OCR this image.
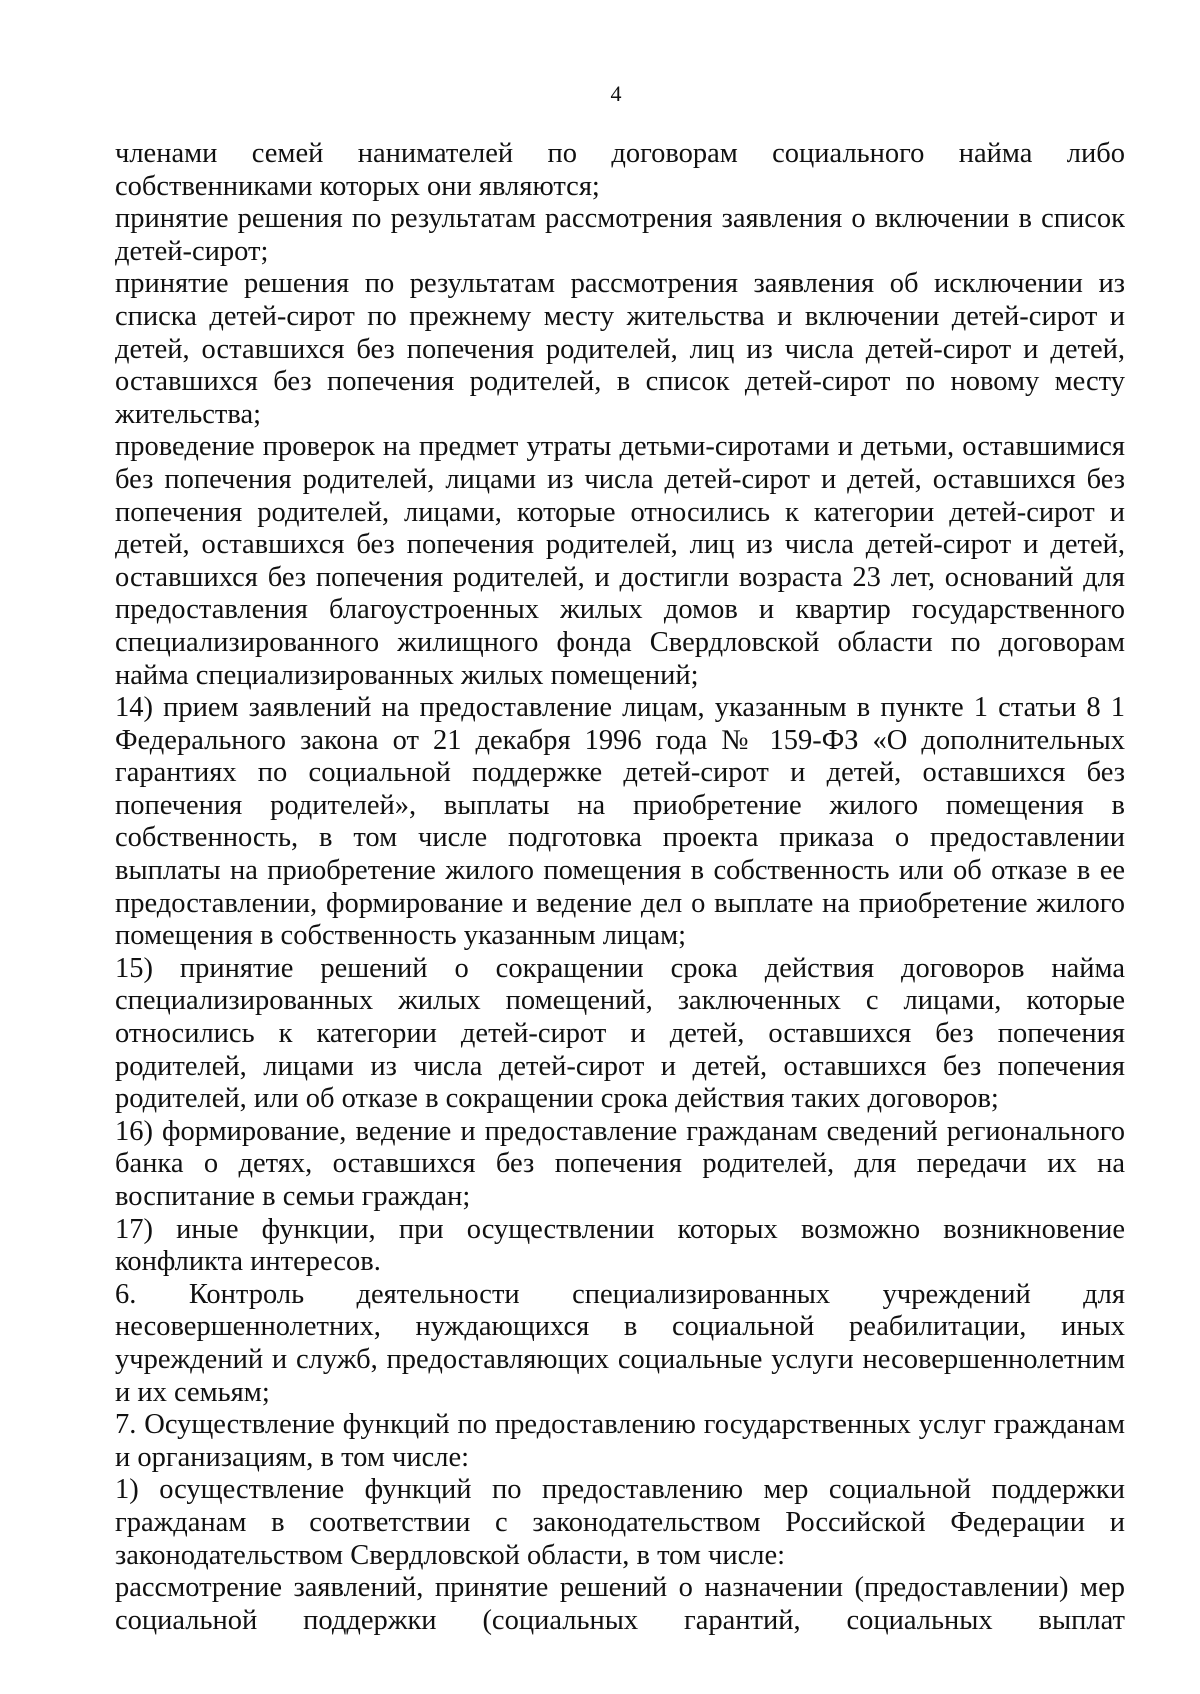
4

членами семей нанимателей по договорам социального найма либо собственниками которых они являются;

принятие решения по результатам рассмотрения заявления о включении в список детей-сирот;

принятие решения по результатам рассмотрения заявления об исключении из списка детей-сирот по прежнему месту жительства и включении детей-сирот и детей, оставшихся без попечения родителей, лиц из числа детей-сирот и детей, оставшихся без попечения родителей, в список детей-сирот по новому месту жительства;

проведение проверок на предмет утраты детьми-сиротами и детьми, оставшимися без попечения родителей, лицами из числа детей-сирот и детей, оставшихся без попечения родителей, лицами, которые относились к категории детей-сирот и детей, оставшихся без попечения родителей, лиц из числа детей-сирот и детей, оставшихся без попечения родителей, и достигли возраста 23 лет, оснований для предоставления благоустроенных жилых домов и квартир государственного специализированного жилищного фонда Свердловской области по договорам найма специализированных жилых помещений;

14) прием заявлений на предоставление лицам, указанным в пункте 1 статьи 8 1 Федерального закона от 21 декабря 1996 года № 159-ФЗ «О дополнительных гарантиях по социальной поддержке детей-сирот и детей, оставшихся без попечения родителей», выплаты на приобретение жилого помещения в собственность, в том числе подготовка проекта приказа о предоставлении выплаты на приобретение жилого помещения в собственность или об отказе в ее предоставлении, формирование и ведение дел о выплате на приобретение жилого помещения в собственность указанным лицам;

15) принятие решений о сокращении срока действия договоров найма специализированных жилых помещений, заключенных с лицами, которые относились к категории детей-сирот и детей, оставшихся без попечения родителей, лицами из числа детей-сирот и детей, оставшихся без попечения родителей, или об отказе в сокращении срока действия таких договоров;

16) формирование, ведение и предоставление гражданам сведений регионального банка о детях, оставшихся без попечения родителей, для передачи их на воспитание в семьи граждан;

17) иные функции, при осуществлении которых возможно возникновение конфликта интересов.

6. Контроль деятельности специализированных учреждений для несовершеннолетних, нуждающихся в социальной реабилитации, иных учреждений и служб, предоставляющих социальные услуги несовершеннолетним и их семьям;

7. Осуществление функций по предоставлению государственных услуг гражданам и организациям, в том числе:

1) осуществление функций по предоставлению мер социальной поддержки гражданам в соответствии с законодательством Российской Федерации и законодательством Свердловской области, в том числе:

рассмотрение заявлений, принятие решений о назначении (предоставлении) мер социальной поддержки (социальных гарантий, социальных выплат
